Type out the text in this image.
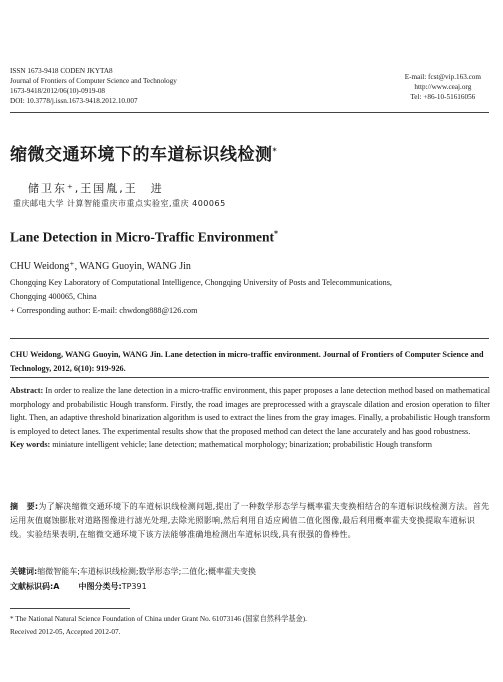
ISSN 1673-9418 CODEN JKYTA8
Journal of Frontiers of Computer Science and Technology
1673-9418/2012/06(10)-0919-08
DOI: 10.3778/j.issn.1673-9418.2012.10.007
E-mail: fcst@vip.163.com
http://www.ceaj.org
Tel: +86-10-51616056
缩微交通环境下的车道标识线检测*
储卫东⁺,王国胤,王　进
重庆邮电大学 计算智能重庆市重点实验室,重庆 400065
Lane Detection in Micro-Traffic Environment*
CHU Weidong⁺, WANG Guoyin, WANG Jin
Chongqing Key Laboratory of Computational Intelligence, Chongqing University of Posts and Telecommunications,
Chongqing 400065, China
+ Corresponding author: E-mail: chwdong888@126.com
CHU Weidong, WANG Guoyin, WANG Jin. Lane detection in micro-traffic environment. Journal of Frontiers of Computer Science and Technology, 2012, 6(10): 919-926.
Abstract: In order to realize the lane detection in a micro-traffic environment, this paper proposes a lane detection method based on mathematical morphology and probabilistic Hough transform. Firstly, the road images are preprocessed with a grayscale dilation and erosion operation to filter light. Then, an adaptive threshold binarization algorithm is used to extract the lines from the gray images. Finally, a probabilistic Hough transform is employed to detect lanes. The experimental results show that the proposed method can detect the lane accurately and has good robustness.
Key words: miniature intelligent vehicle; lane detection; mathematical morphology; binarization; probabilistic Hough transform
摘　要:为了解决缩微交通环境下的车道标识线检测问题,提出了一种数学形态学与概率霍夫变换相结合的车道标识线检测方法。首先运用灰值腐蚀膨胀对道路图像进行滤光处理,去除光照影响,然后利用自适应阈值二值化图像,最后利用概率霍夫变换提取车道标识线。实验结果表明,在缩微交通环境下该方法能够准确地检测出车道标识线,具有很强的鲁棒性。
关键词:缩微智能车;车道标识线检测;数学形态学;二值化;概率霍夫变换
文献标识码:A 中图分类号:TP391
* The National Natural Science Foundation of China under Grant No. 61073146 (国家自然科学基金).
Received 2012-05, Accepted 2012-07.
